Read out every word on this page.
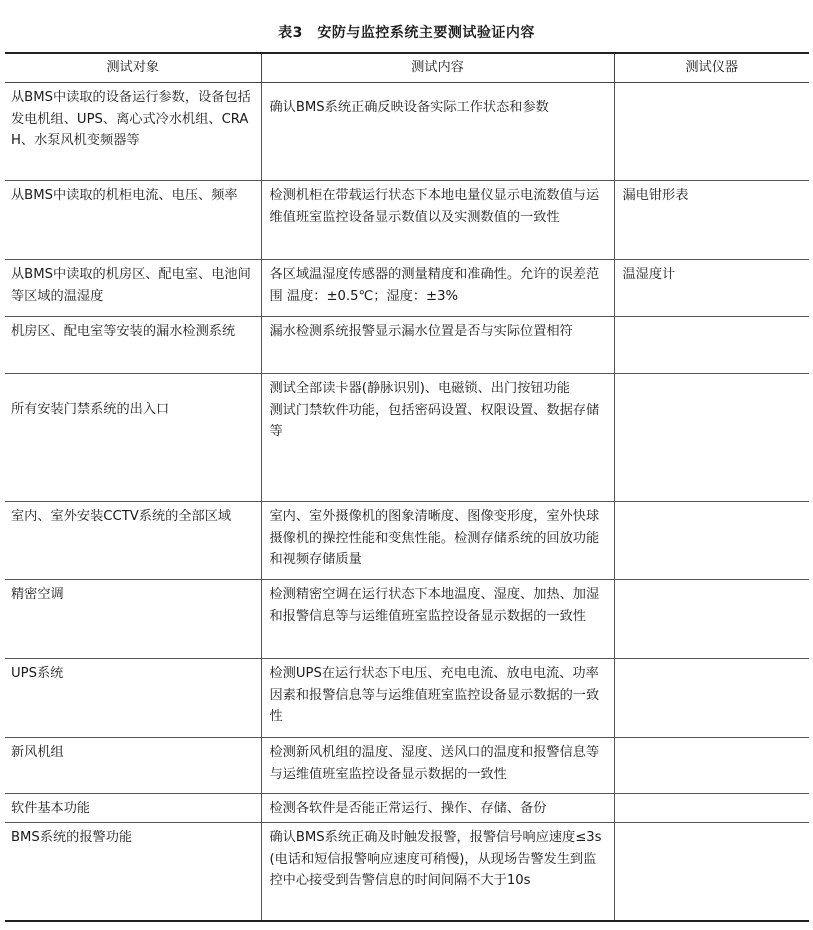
表3　安防与监控系统主要测试验证内容
测试对象	测试内容	测试仪器
从BMS中读取的设备运行参数，设备包括发电机组、UPS、离心式冷水机组、CRAH、水泵风机变频器等	确认BMS系统正确反映设备实际工作状态和参数	
从BMS中读取的机柜电流、电压、频率	检测机柜在带载运行状态下本地电量仪显示电流数值与运维值班室监控设备显示数值以及实测数值的一致性	漏电钳形表
从BMS中读取的机房区、配电室、电池间等区域的温湿度	各区域温湿度传感器的测量精度和准确性。允许的误差范围 温度：±0.5℃；湿度：±3%	温湿度计
机房区、配电室等安装的漏水检测系统	漏水检测系统报警显示漏水位置是否与实际位置相符	
所有安装门禁系统的出入口	测试全部读卡器(静脉识别)、电磁锁、出门按钮功能
测试门禁软件功能，包括密码设置、权限设置、数据存储等	
室内、室外安装CCTV系统的全部区域	室内、室外摄像机的图象清晰度、图像变形度，室外快球摄像机的操控性能和变焦性能。检测存储系统的回放功能和视频存储质量	
精密空调	检测精密空调在运行状态下本地温度、湿度、加热、加湿和报警信息等与运维值班室监控设备显示数据的一致性	
UPS系统	检测UPS在运行状态下电压、充电电流、放电电流、功率因素和报警信息等与运维值班室监控设备显示数据的一致性	
新风机组	检测新风机组的温度、湿度、送风口的温度和报警信息等与运维值班室监控设备显示数据的一致性	
软件基本功能	检测各软件是否能正常运行、操作、存储、备份	
BMS系统的报警功能	确认BMS系统正确及时触发报警，报警信号响应速度≤3s(电话和短信报警响应速度可稍慢)，从现场告警发生到监控中心接受到告警信息的时间间隔不大于10s	
